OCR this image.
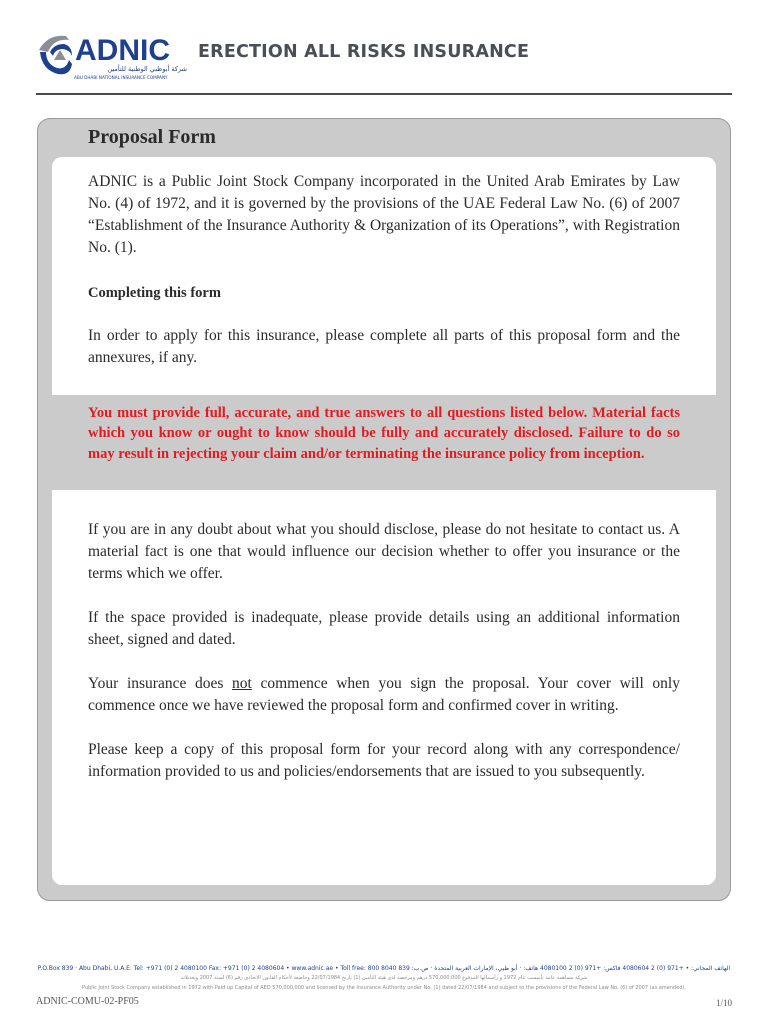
ADNIC
شركة أبوظبي الوطنية للتأمين
ABU DHABI NATIONAL INSURANCE COMPANY
ERECTION ALL RISKS INSURANCE
Proposal Form
ADNIC is a Public Joint Stock Company incorporated in the United Arab Emirates by Law No. (4) of 1972, and it is governed by the provisions of the UAE Federal Law No. (6) of 2007 “Establishment of the Insurance Authority & Organization of its Operations”, with Registration No. (1).
Completing this form
In order to apply for this insurance, please complete all parts of this proposal form and the annexures, if any.
You must provide full, accurate, and true answers to all questions listed below. Material facts which you know or ought to know should be fully and accurately disclosed. Failure to do so may result in rejecting your claim and/or terminating the insurance policy from inception.
If you are in any doubt about what you should disclose, please do not hesitate to contact us. A material fact is one that would influence our decision whether to offer you insurance or the terms which we offer.
If the space provided is inadequate, please provide details using an additional information sheet, signed and dated.
Your insurance does not commence when you sign the proposal. Your cover will only commence once we have reviewed the proposal form and confirmed cover in writing.
Please keep a copy of this proposal form for your record along with any correspondence/ information provided to us and policies/endorsements that are issued to you subsequently.
P.O.Box 839 · Abu Dhabi, U.A.E. Tel: +971 (0) 2 4080100 Fax: +971 (0) 2 4080604 • www.adnic.ae • Toll free: 800 8040 الهاتف المجاني: • +971 (0) 2 4080604 فاكس: +971 (0) 2 4080100 هاتف: · أبو ظبي، الإمارات العربية المتحدة · ص.ب: 839
شركة مساهمة عامة تأسست عام 1972 و رأسمالها المدفوع 570,000,000 درهم ومرخصة لدى هيئة التأمين (1) تاريخ 22/07/1984 وخاضعة لأحكام القانون الاتحادي رقم (6) لسنة 2007 وتعديلاته
Public Joint Stock Company established in 1972 with Paid up Capital of AED 570,000,000 and licensed by the Insurance Authority under No. (1) dated 22/07/1984 and subject to the provisions of the Federal Law No. (6) of 2007 (as amended).
ADNIC-COMU-02-PF05	1/10
